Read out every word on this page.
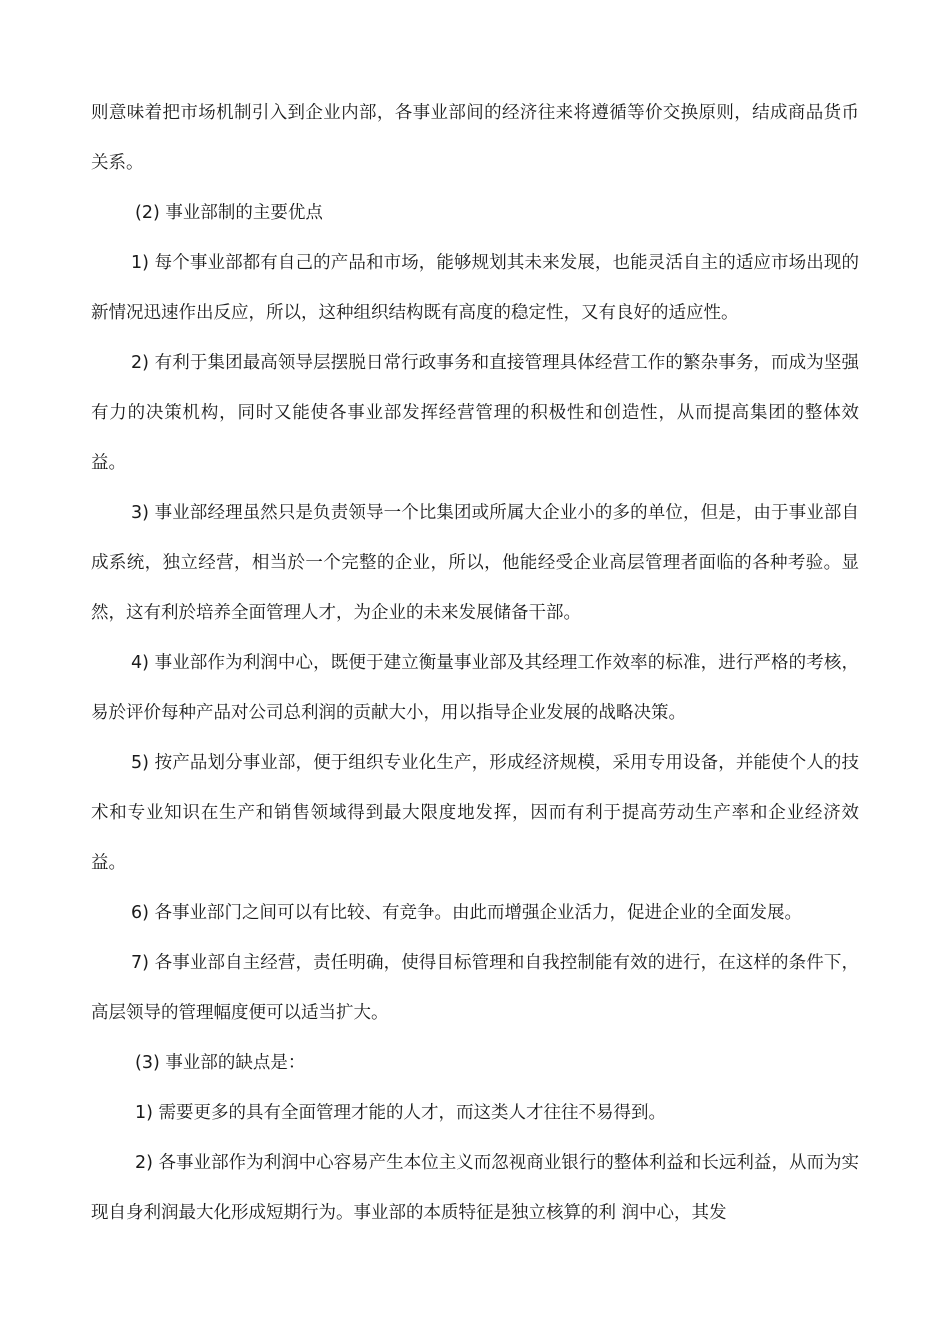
则意味着把市场机制引入到企业内部，各事业部间的经济往来将遵循等价交换原则，结成商品货币关系。

(2) 事业部制的主要优点

1) 每个事业部都有自己的产品和市场，能够规划其未来发展，也能灵活自主的适应市场出现的新情况迅速作出反应，所以，这种组织结构既有高度的稳定性，又有良好的适应性。

2) 有利于集团最高领导层摆脱日常行政事务和直接管理具体经营工作的繁杂事务，而成为坚强有力的决策机构，同时又能使各事业部发挥经营管理的积极性和创造性，从而提高集团的整体效益。

3) 事业部经理虽然只是负责领导一个比集团或所属大企业小的多的单位，但是，由于事业部自成系统，独立经营，相当於一个完整的企业，所以，他能经受企业高层管理者面临的各种考验。显然，这有利於培养全面管理人才，为企业的未来发展储备干部。

4) 事业部作为利润中心，既便于建立衡量事业部及其经理工作效率的标准，进行严格的考核，易於评价每种产品对公司总利润的贡献大小，用以指导企业发展的战略决策。

5) 按产品划分事业部，便于组织专业化生产，形成经济规模，采用专用设备，并能使个人的技术和专业知识在生产和销售领域得到最大限度地发挥，因而有利于提高劳动生产率和企业经济效益。

6) 各事业部门之间可以有比较、有竞争。由此而增强企业活力，促进企业的全面发展。

7) 各事业部自主经营，责任明确，使得目标管理和自我控制能有效的进行，在这样的条件下，高层领导的管理幅度便可以适当扩大。

(3) 事业部的缺点是：

1) 需要更多的具有全面管理才能的人才，而这类人才往往不易得到。

2) 各事业部作为利润中心容易产生本位主义而忽视商业银行的整体利益和长远利益，从而为实现自身利润最大化形成短期行为。事业部的本质特征是独立核算的利 润中心，其发
